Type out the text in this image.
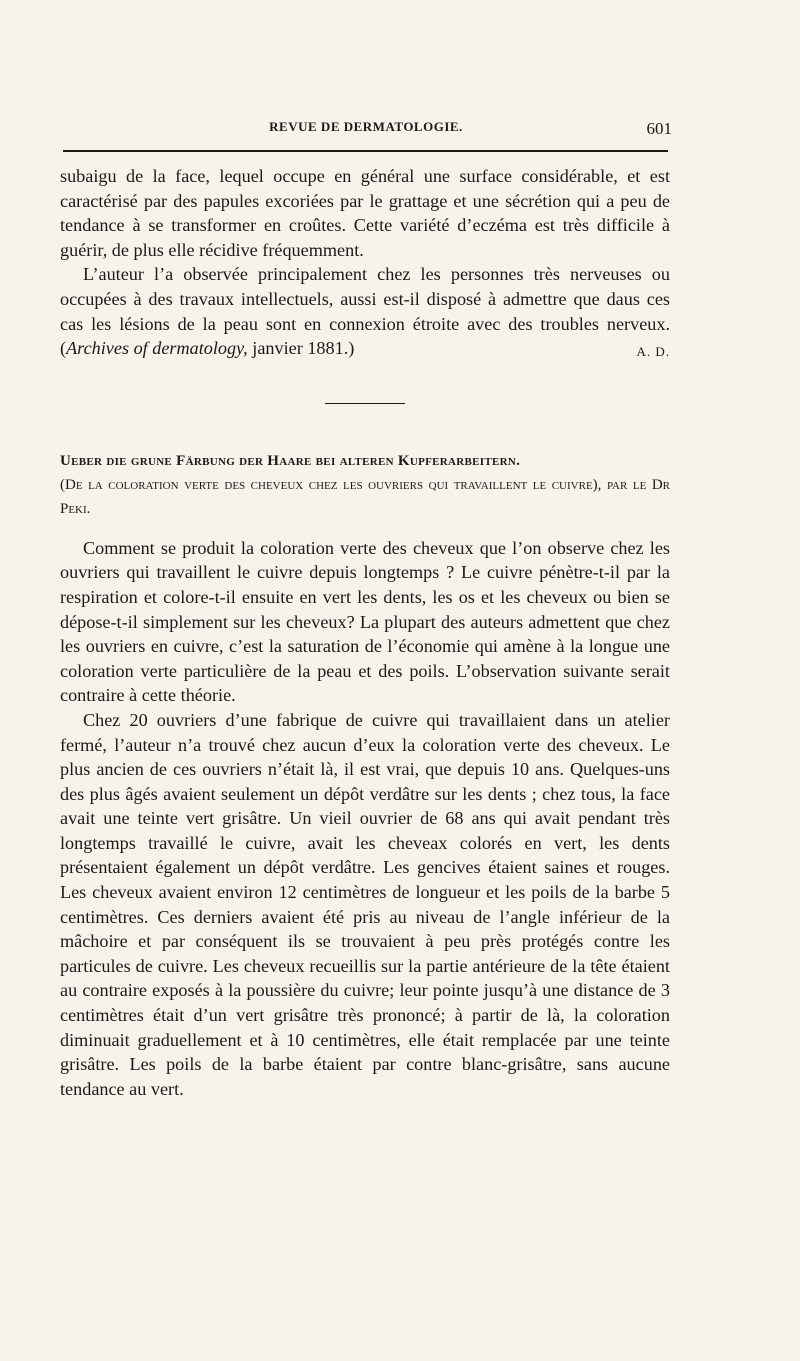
REVUE DE DERMATOLOGIE.	601

subaigu de la face, lequel occupe en général une surface considérable, et est caractérisé par des papules excoriées par le grattage et une sécrétion qui a peu de tendance à se transformer en croûtes. Cette variété d’eczéma est très difficile à guérir, de plus elle récidive fréquemment.

L’auteur l’a observée principalement chez les personnes très nerveuses ou occupées à des travaux intellectuels, aussi est-il disposé à admettre que daus ces cas les lésions de la peau sont en connexion étroite avec des troubles nerveux. (Archives of dermatology, janvier 1881.)	A. D.

Ueber die grune Färbung der Haare bei alteren Kupferarbeitern.

(De la coloration verte des cheveux chez les ouvriers qui travaillent le cuivre), par le Dr Peki.

Comment se produit la coloration verte des cheveux que l’on observe chez les ouvriers qui travaillent le cuivre depuis longtemps ? Le cuivre pénètre-t-il par la respiration et colore-t-il ensuite en vert les dents, les os et les cheveux ou bien se dépose-t-il simplement sur les cheveux? La plupart des auteurs admettent que chez les ouvriers en cuivre, c’est la saturation de l’économie qui amène à la longue une coloration verte particulière de la peau et des poils. L’observation suivante serait contraire à cette théorie.

Chez 20 ouvriers d’une fabrique de cuivre qui travaillaient dans un atelier fermé, l’auteur n’a trouvé chez aucun d’eux la coloration verte des cheveux. Le plus ancien de ces ouvriers n’était là, il est vrai, que depuis 10 ans. Quelques-uns des plus âgés avaient seulement un dépôt verdâtre sur les dents ; chez tous, la face avait une teinte vert grisâtre. Un vieil ouvrier de 68 ans qui avait pendant très longtemps travaillé le cuivre, avait les cheveax colorés en vert, les dents présentaient également un dépôt verdâtre. Les gencives étaient saines et rouges. Les cheveux avaient environ 12 centimètres de longueur et les poils de la barbe 5 centimètres. Ces derniers avaient été pris au niveau de l’angle inférieur de la mâchoire et par conséquent ils se trouvaient à peu près protégés contre les particules de cuivre. Les cheveux recueillis sur la partie antérieure de la tête étaient au contraire exposés à la poussière du cuivre; leur pointe jusqu’à une distance de 3 centimètres était d’un vert grisâtre très prononcé; à partir de là, la coloration diminuait graduellement et à 10 centimètres, elle était remplacée par une teinte grisâtre. Les poils de la barbe étaient par contre blanc-grisâtre, sans aucune tendance au vert.
